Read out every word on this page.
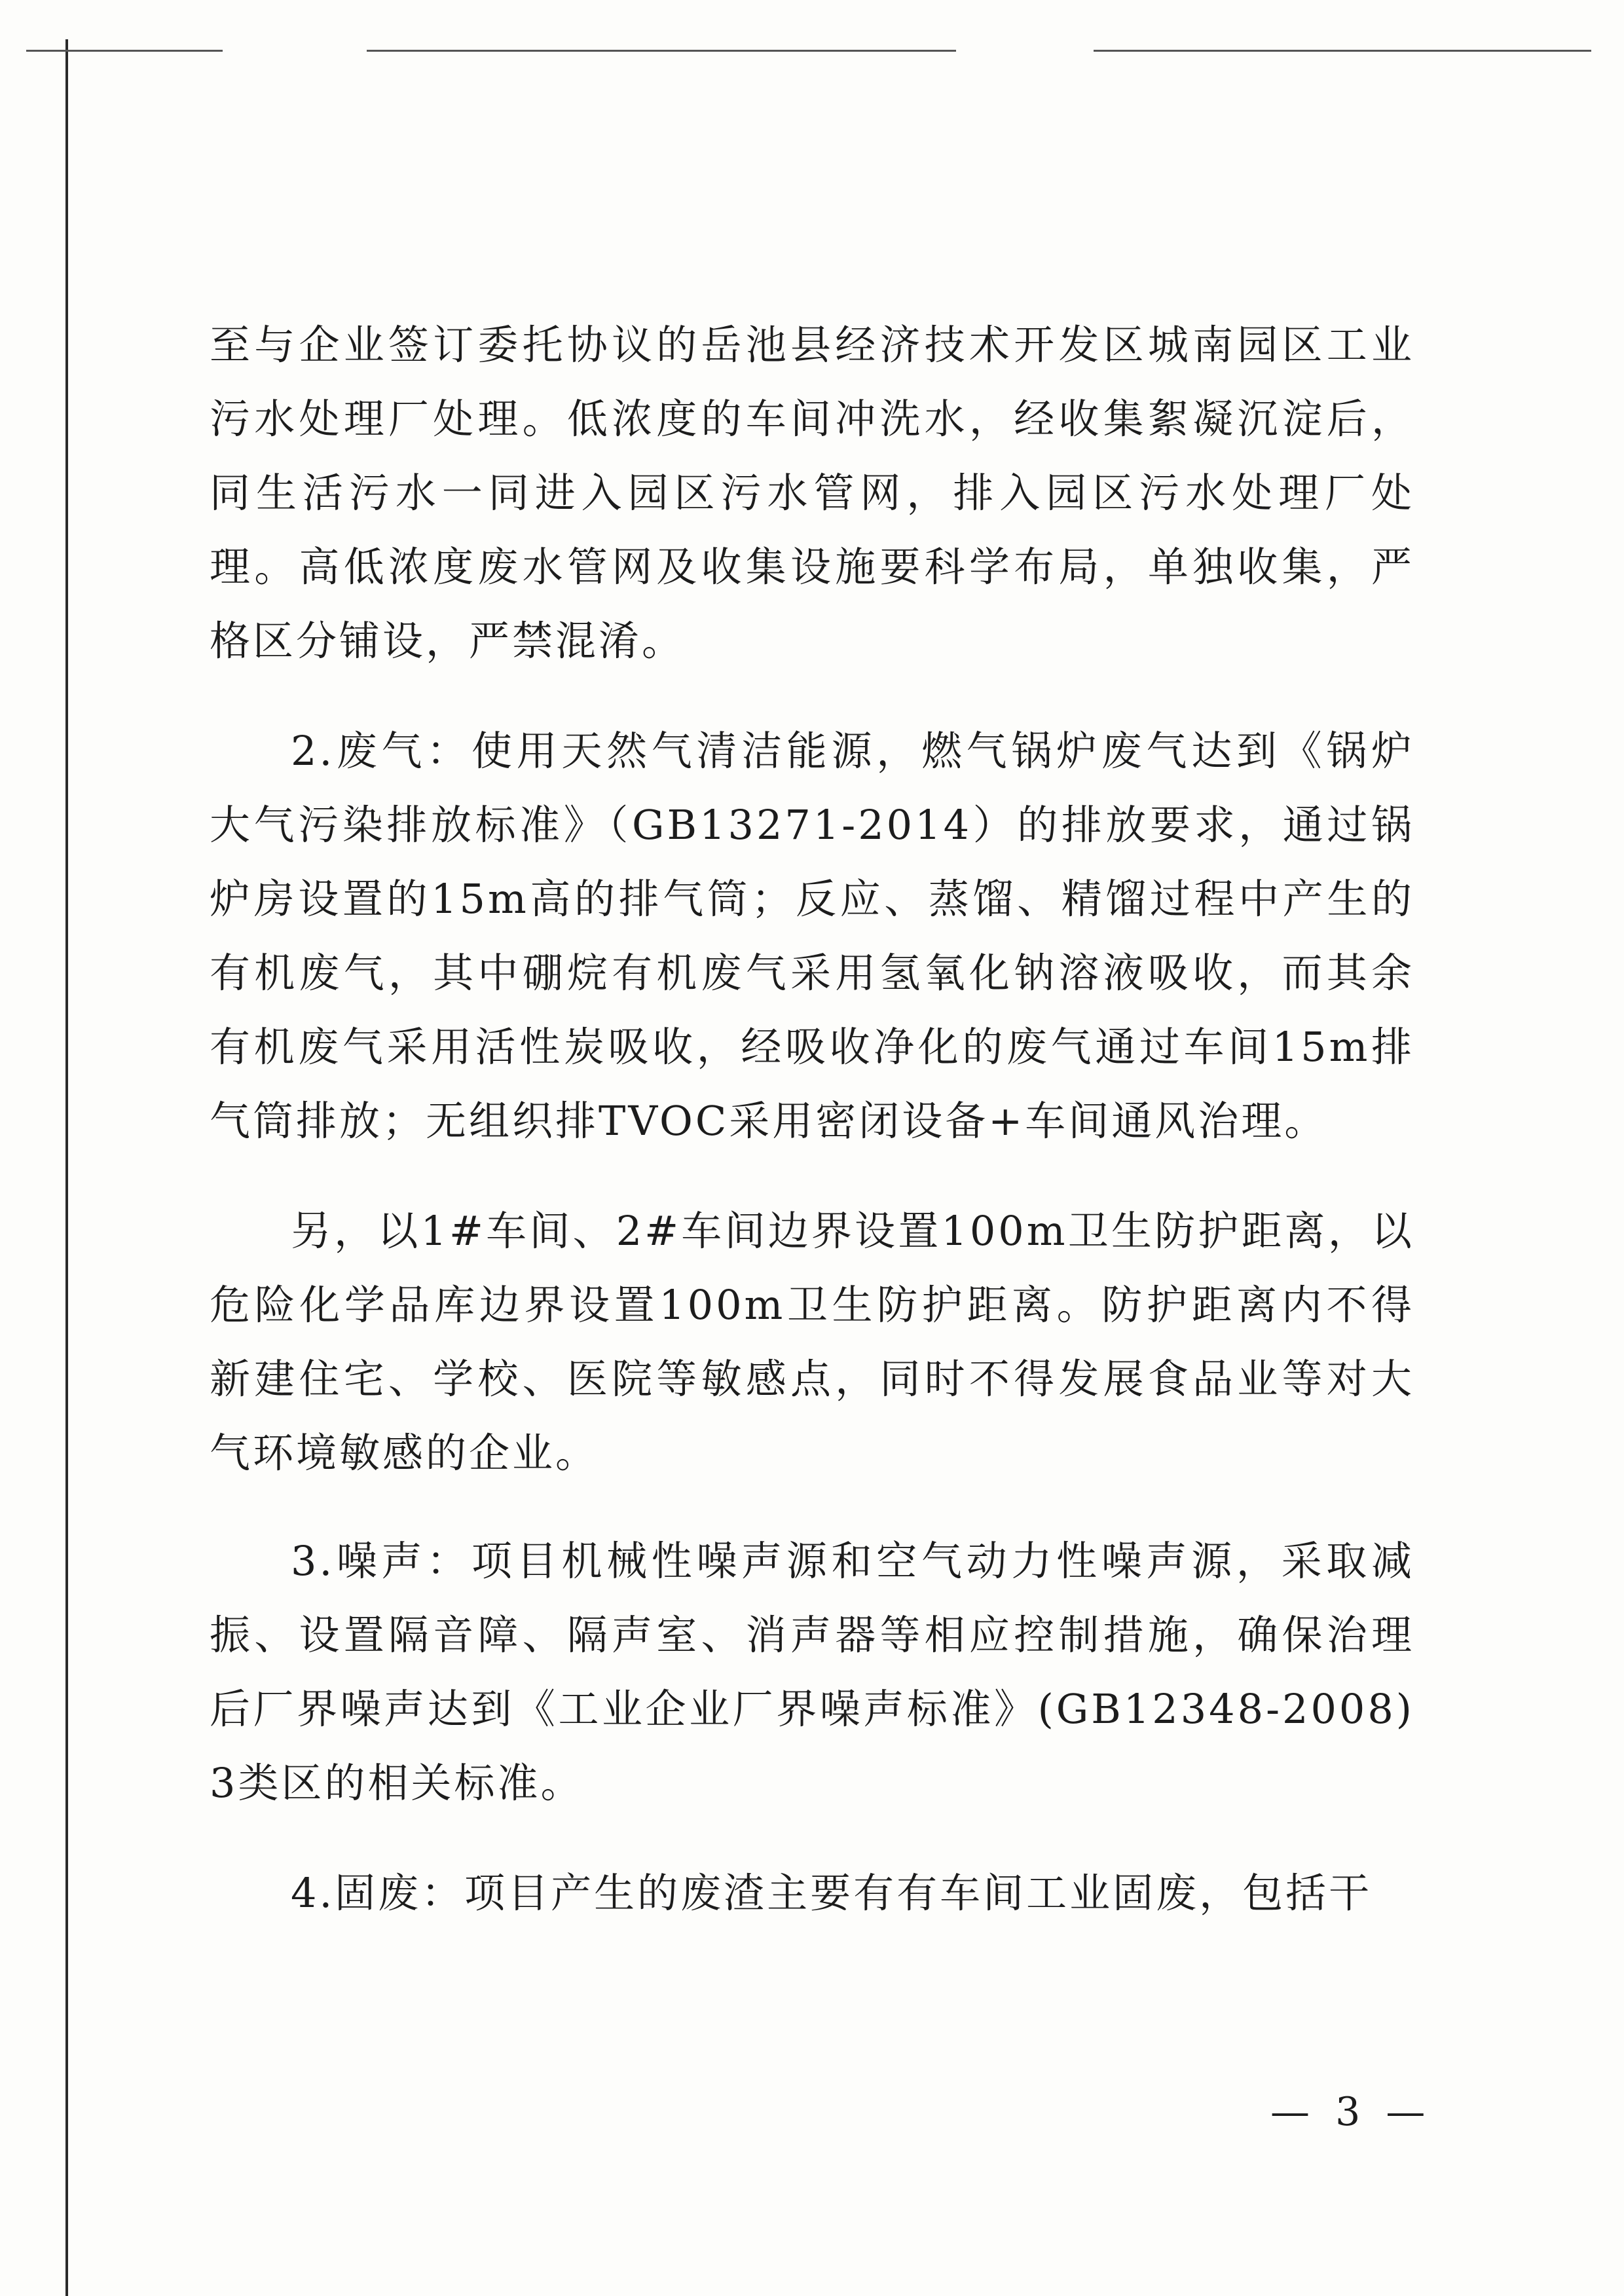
至与企业签订委托协议的岳池县经济技术开发区城南园区工业污水处理厂处理。低浓度的车间冲洗水，经收集絮凝沉淀后，同生活污水一同进入园区污水管网，排入园区污水处理厂处理。高低浓度废水管网及收集设施要科学布局，单独收集，严格区分铺设，严禁混淆。

2.废气：使用天然气清洁能源，燃气锅炉废气达到《锅炉大气污染排放标准》（GB13271-2014）的排放要求，通过锅炉房设置的15m高的排气筒；反应、蒸馏、精馏过程中产生的有机废气，其中硼烷有机废气采用氢氧化钠溶液吸收，而其余有机废气采用活性炭吸收，经吸收净化的废气通过车间15m排气筒排放；无组织排TVOC采用密闭设备+车间通风治理。

另，以1#车间、2#车间边界设置100m卫生防护距离，以危险化学品库边界设置100m卫生防护距离。防护距离内不得新建住宅、学校、医院等敏感点，同时不得发展食品业等对大气环境敏感的企业。

3.噪声：项目机械性噪声源和空气动力性噪声源，采取减振、设置隔音障、隔声室、消声器等相应控制措施，确保治理后厂界噪声达到《工业企业厂界噪声标准》(GB12348-2008)3类区的相关标准。

4.固废：项目产生的废渣主要有有车间工业固废，包括干

— 3 —
